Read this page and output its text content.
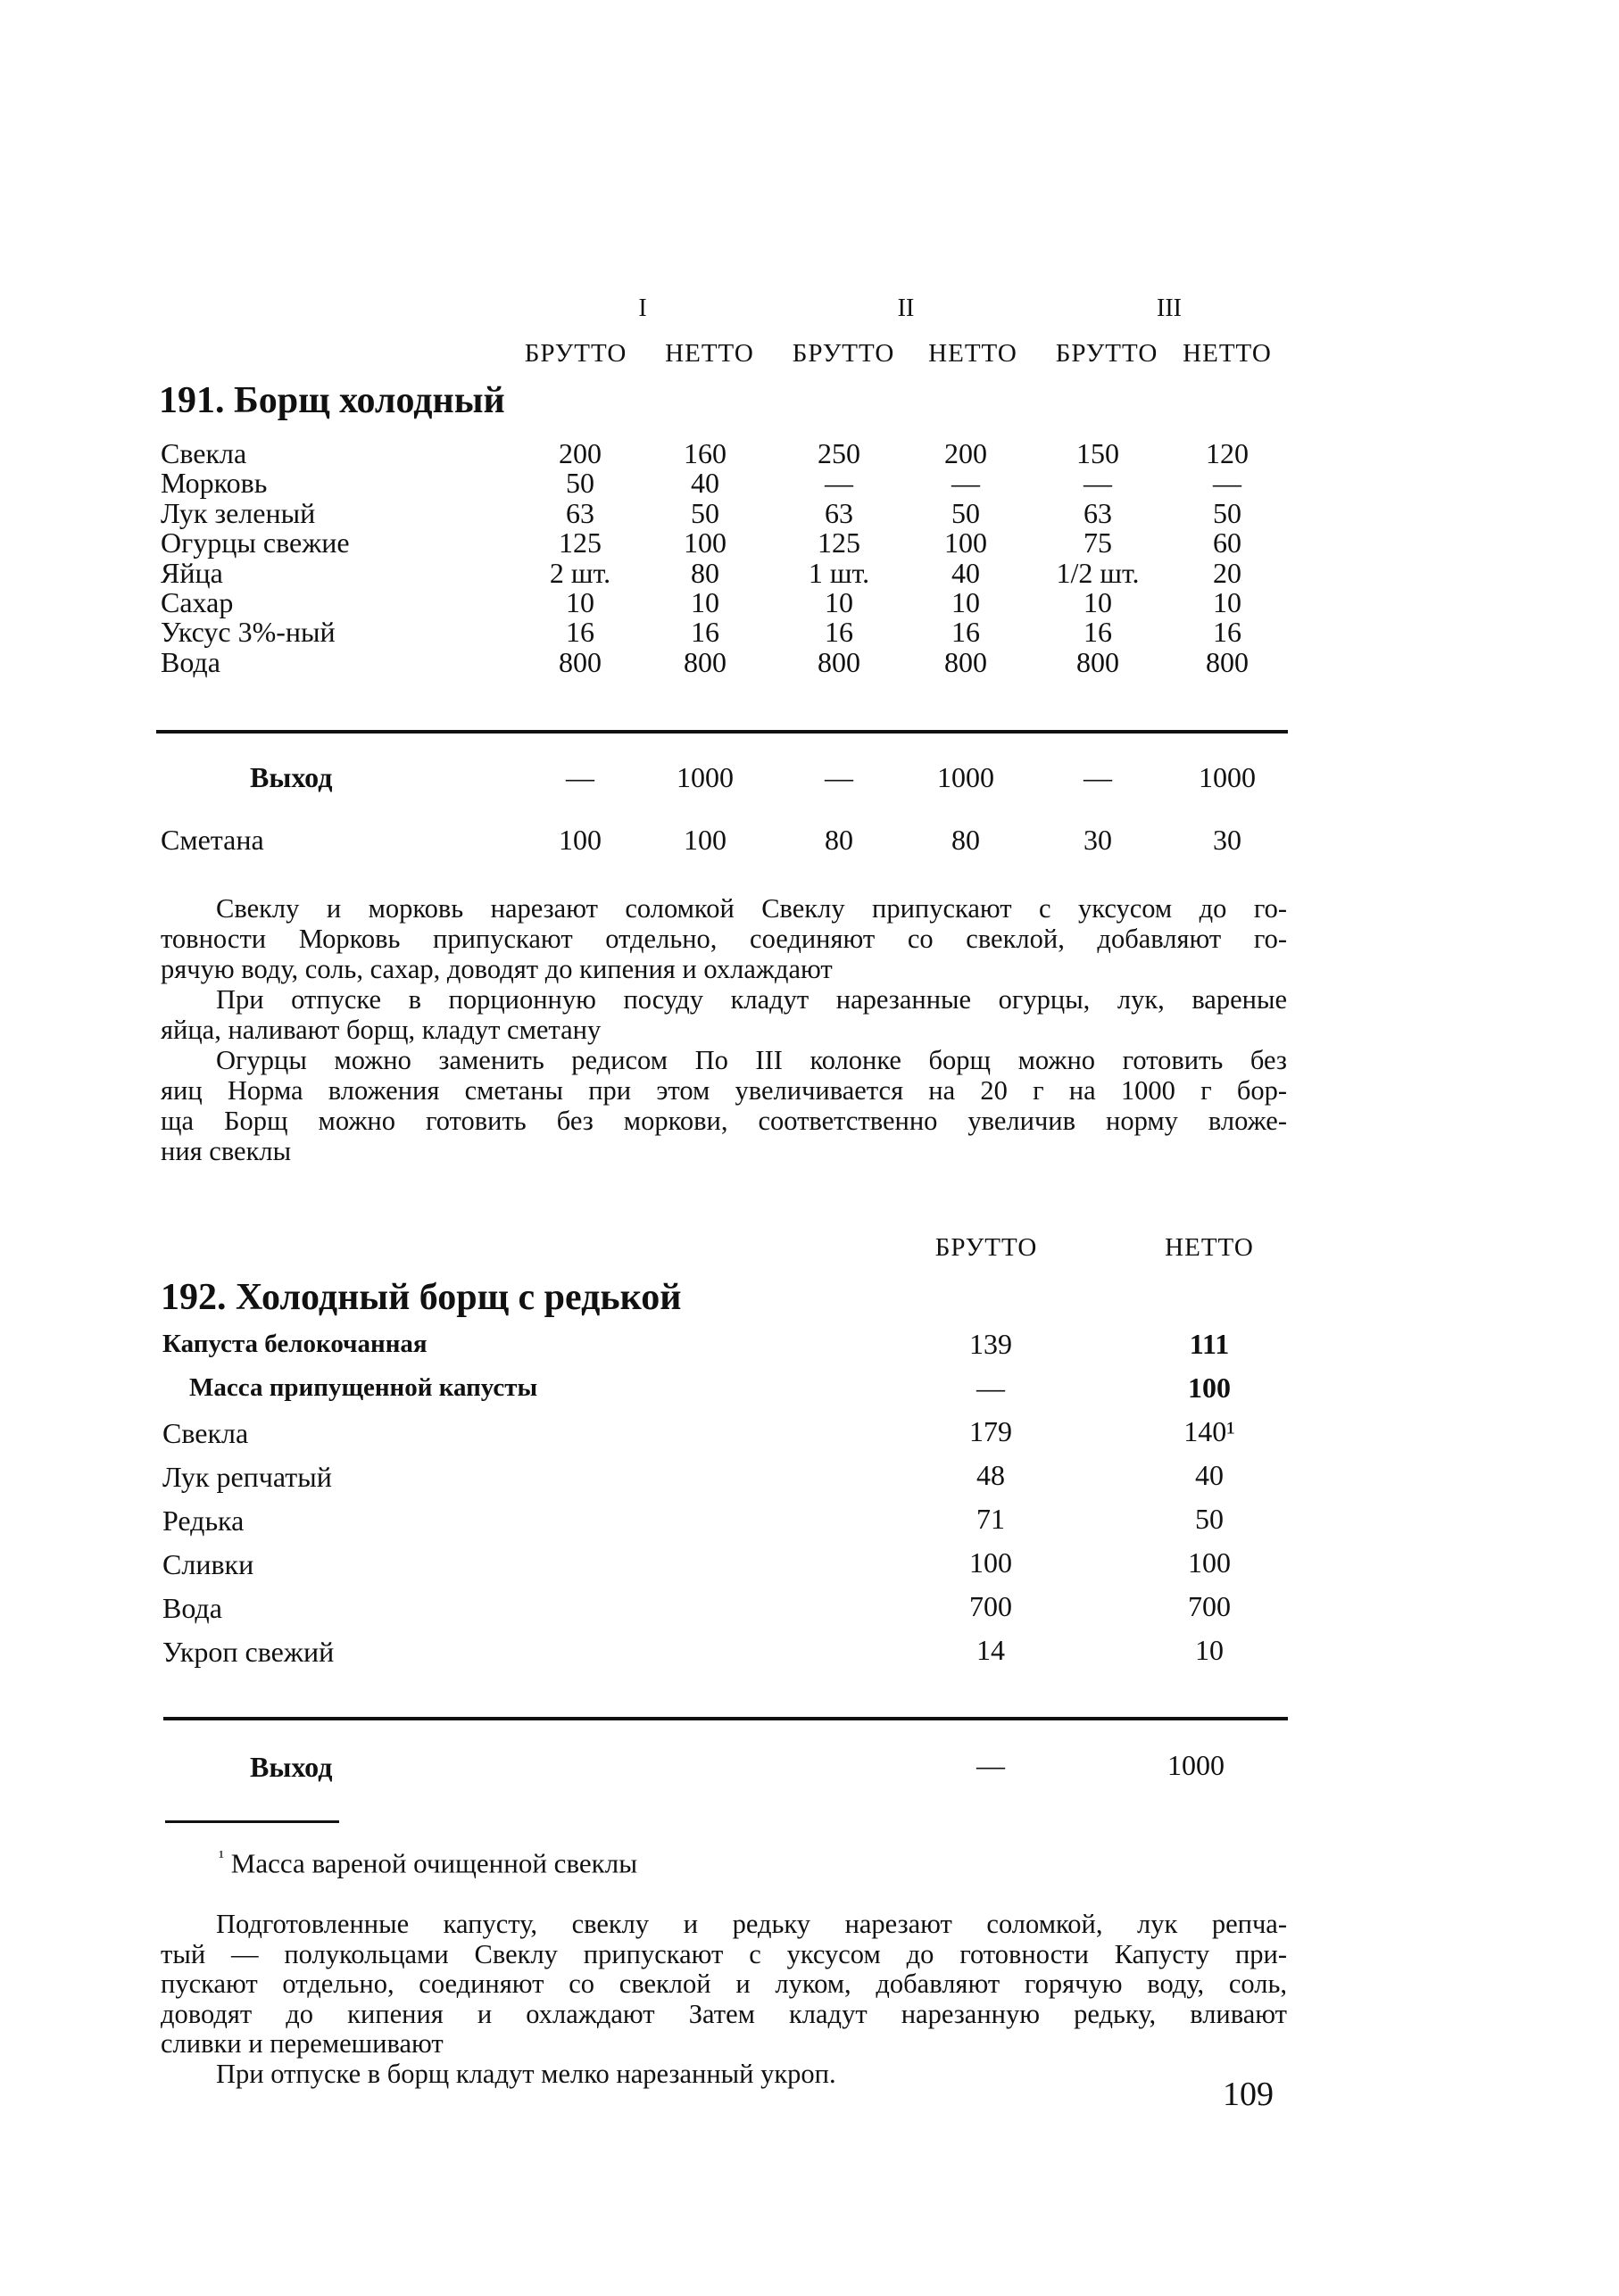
I	II	III
БРУТТО НЕТТО БРУТТО НЕТТО БРУТТО НЕТТО
191. Борщ холодный
Свекла	200	160	250	200	150	120
Морковь	50	40	—	—	—	—
Лук зеленый	63	50	63	50	63	50
Огурцы свежие	125	100	125	100	75	60
Яйца	2 шт.	80	1 шт.	40	1/2 шт.	20
Сахар	10	10	10	10	10	10
Уксус 3%-ный	16	16	16	16	16	16
Вода	800	800	800	800	800	800
Выход	—	1000	—	1000	—	1000
Сметана	100	100	80	80	30	30
Свеклу и морковь нарезают соломкой Свеклу припускают с уксусом до го-
товности Морковь припускают отдельно, соединяют со свеклой, добавляют го-
рячую воду, соль, сахар, доводят до кипения и охлаждают
При отпуске в порционную посуду кладут нарезанные огурцы, лук, вареные
яйца, наливают борщ, кладут сметану
Огурцы можно заменить редисом По III колонке борщ можно готовить без
яиц Норма вложения сметаны при этом увеличивается на 20 г на 1000 г бор-
ща Борщ можно готовить без моркови, соответственно увеличив норму вложе-
ния свеклы
БРУТТО	НЕТТО
192. Холодный борщ с редькой
Капуста белокочанная	139	111
Масса припущенной капусты	—	100
Свекла	179	140¹
Лук репчатый	48	40
Редька	71	50
Сливки	100	100
Вода	700	700
Укроп свежий	14	10
Выход	—	1000
$^{^1}$ Масса вареной очищенной свеклы
Подготовленные капусту, свеклу и редьку нарезают соломкой, лук репча-
тый — полукольцами Свеклу припускают с уксусом до готовности Капусту при-
пускают отдельно, соединяют со свеклой и луком, добавляют горячую воду, соль,
доводят до кипения и охлаждают Затем кладут нарезанную редьку, вливают
сливки и перемешивают
При отпуске в борщ кладут мелко нарезанный укроп.
109
